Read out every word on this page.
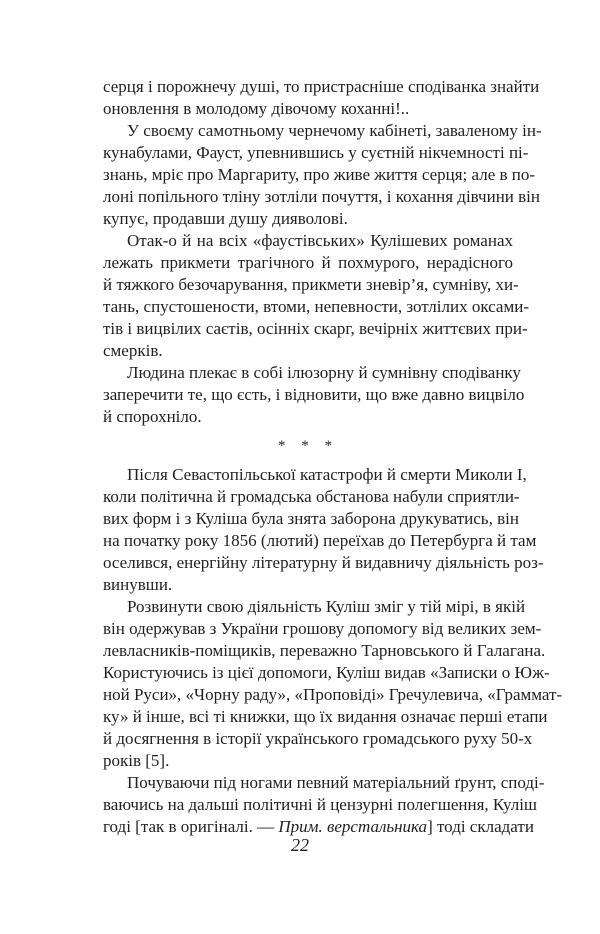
серця і порожнечу душі, то пристрасніше сподіванка знайти
оновлення в молодому дівочому коханні!..
У своєму самотньому чернечому кабінеті, заваленому ін-
кунабулами, Фауст, упевнившись у суєтній нікчемності пі-
знань, мріє про Маргариту, про живе життя серця; але в по-
лоні попільного тліну зотліли почуття, і кохання дівчини він
купує, продавши душу дияволові.
Отак-о й на всіх «фаустівських» Кулішевих романах
лежать прикмети трагічного й похмурого, нерадісного
й тяжкого безочарування, прикмети зневір’я, сумніву, хи-
тань, спустошености, втоми, непевности, зотлілих оксами-
тів і вицвілих саєтів, осінніх скарг, вечірніх життєвих при-
смерків.
Людина плекає в собі ілюзорну й сумнівну сподіванку
заперечити те, що єсть, і відновити, що вже давно вицвіло
й спорохніло.
* * *
Після Севастопільської катастрофи й смерти Миколи I,
коли політична й громадська обстанова набули сприятли-
вих форм і з Куліша була знята заборона друкуватись, він
на початку року 1856 (лютий) переїхав до Петербурга й там
оселився, енергійну літературну й видавничу діяльність роз-
винувши.
Розвинути свою діяльність Куліш зміг у тій мірі, в якій
він одержував з України грошову допомогу від великих зем-
левласників-поміщиків, переважно Тарновського й Галагана.
Користуючись із цієї допомоги, Куліш видав «Записки о Юж-
ной Руси», «Чорну раду», «Проповіді» Гречулевича, «Граммат-
ку» й інше, всі ті книжки, що їх видання означає перші етапи
й досягнення в історії українського громадського руху 50-х
років [5].
Почуваючи під ногами певний матеріальний ґрунт, сподi-
ваючись на дальші політичні й цензурні полегшення, Куліш
годі [так в оригіналі. — Прим. верстальника] тоді складати
22
